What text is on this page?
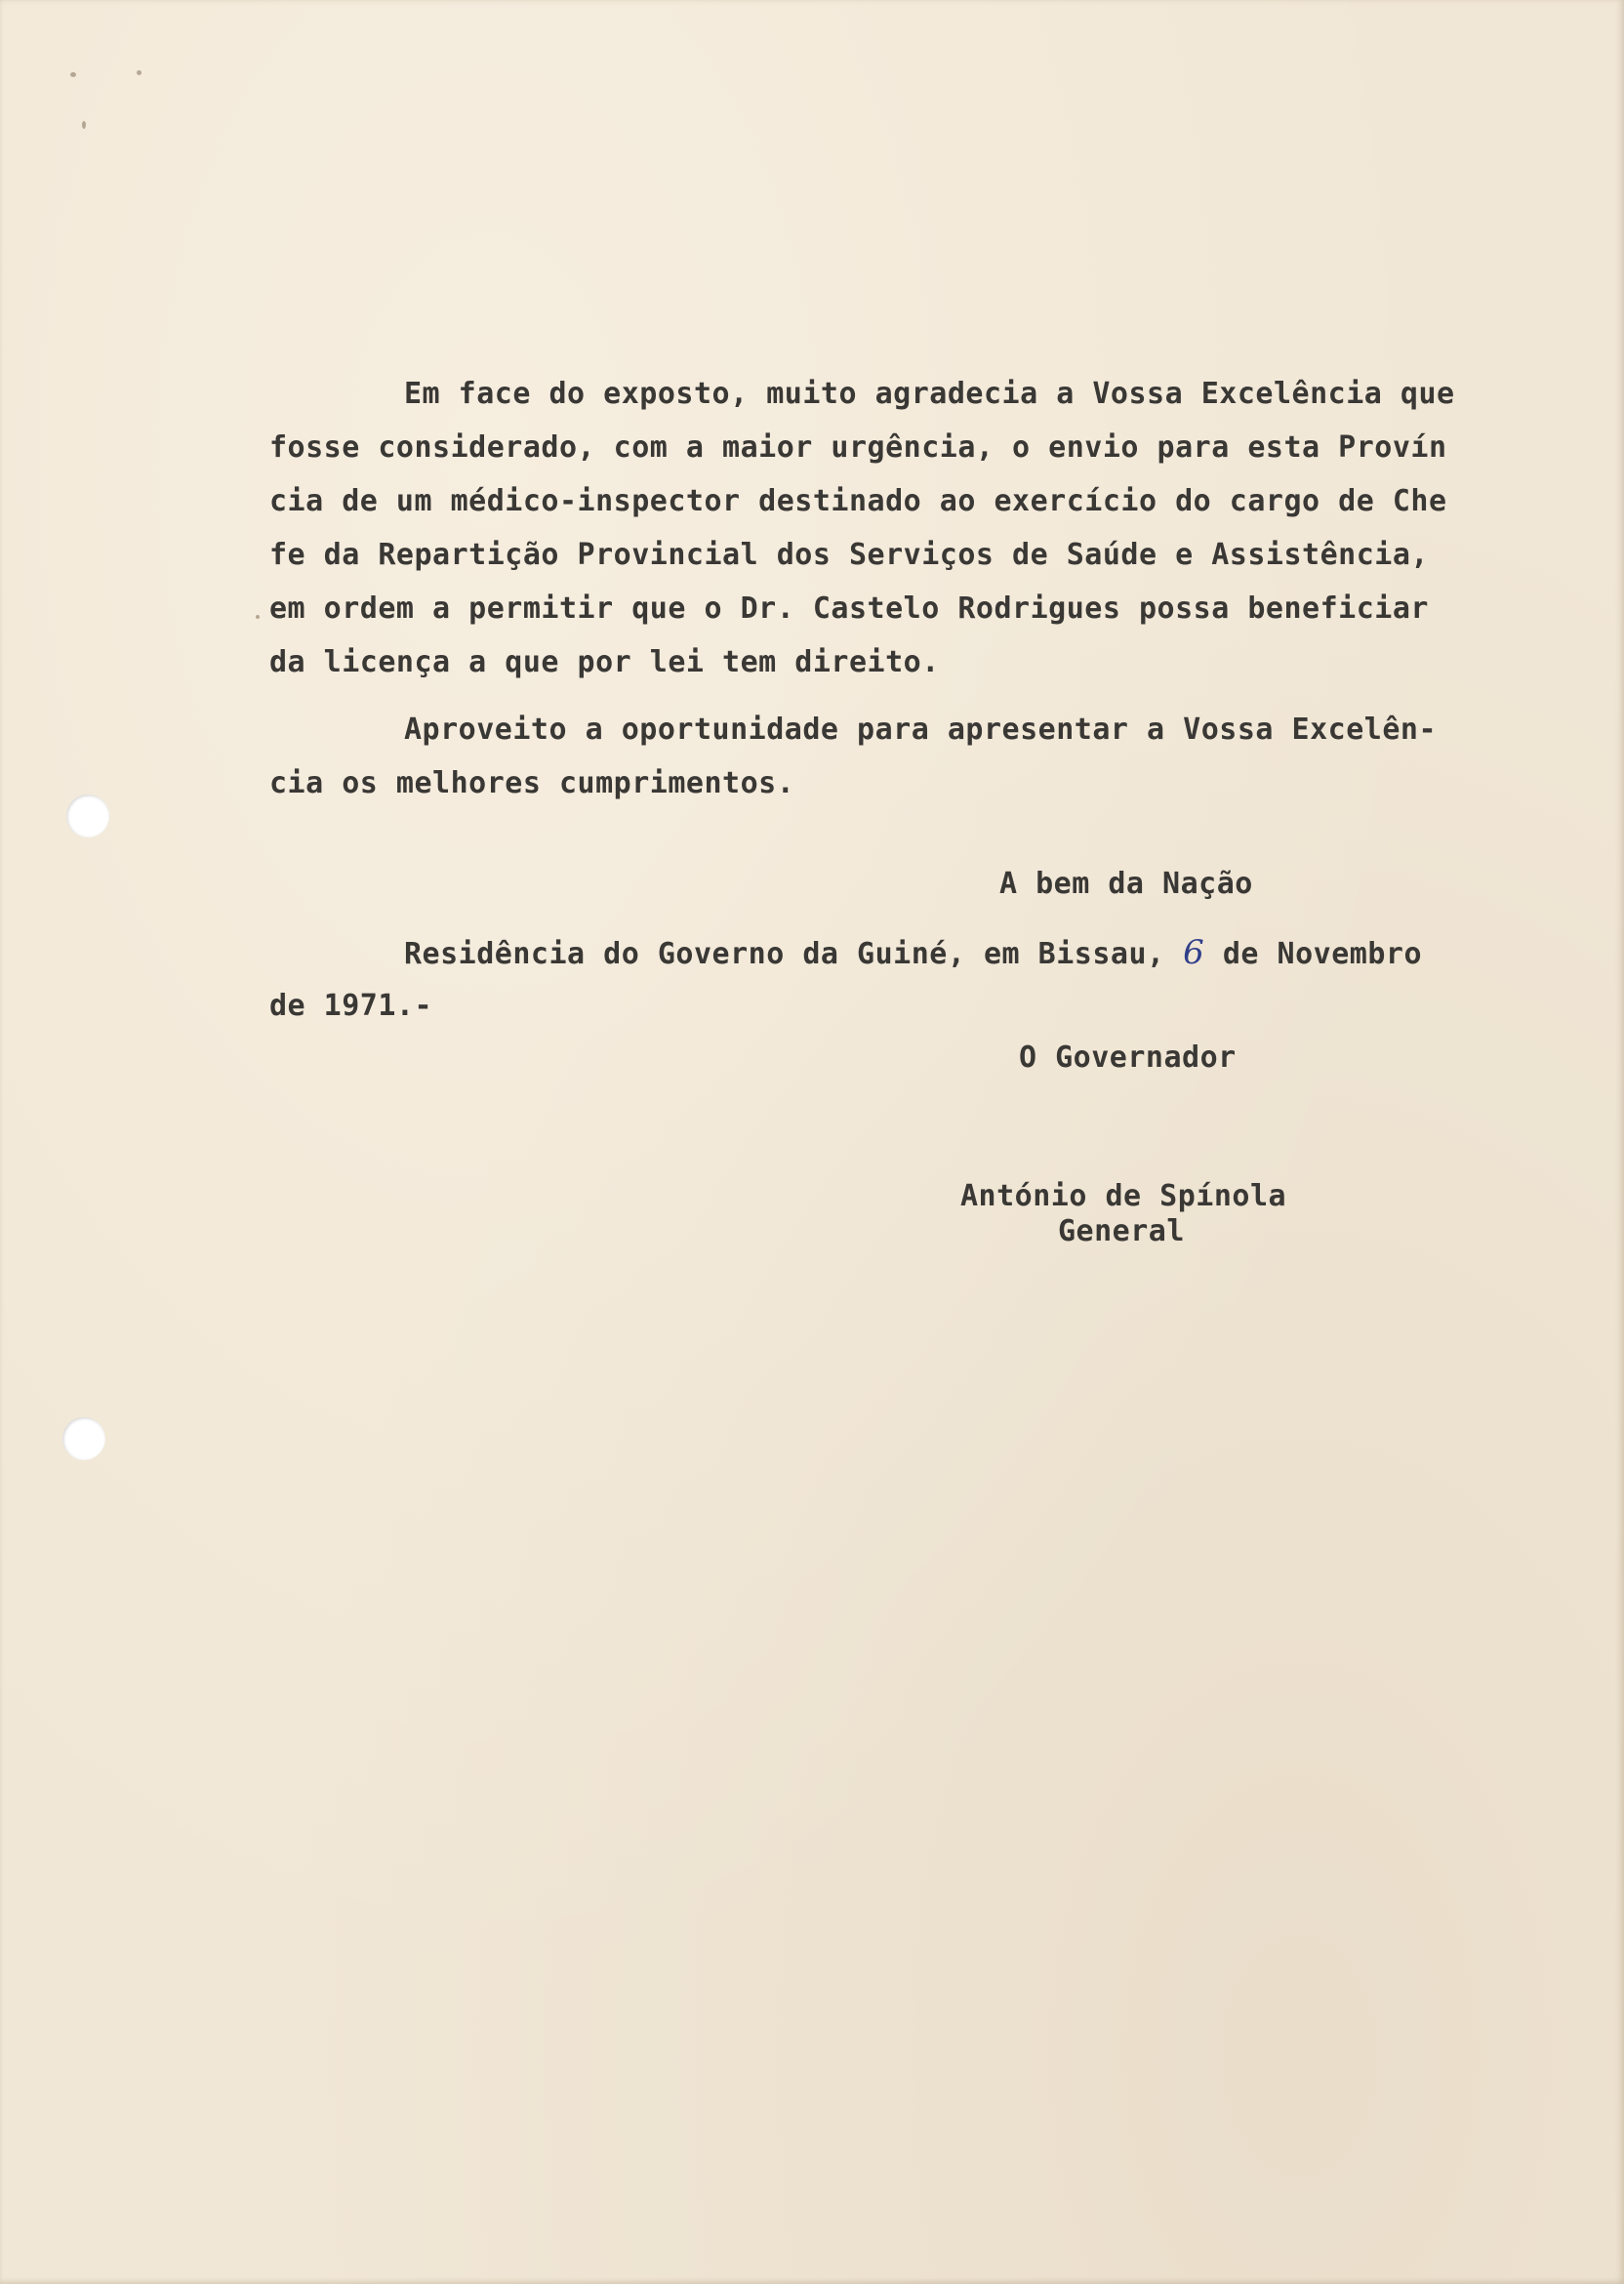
Em face do exposto, muito agradecia a Vossa Excelência que
fosse considerado, com a maior urgência, o envio para esta Provín
cia de um médico-inspector destinado ao exercício do cargo de Che
fe da Repartição Provincial dos Serviços de Saúde e Assistência,
em ordem a permitir que o Dr. Castelo Rodrigues possa beneficiar
da licença a que por lei tem direito.
Aproveito a oportunidade para apresentar a Vossa Excelên-
cia os melhores cumprimentos.
A bem da Nação
Residência do Governo da Guiné, em Bissau, 6 de Novembro
de 1971.-
O Governador
António de Spínola
General
